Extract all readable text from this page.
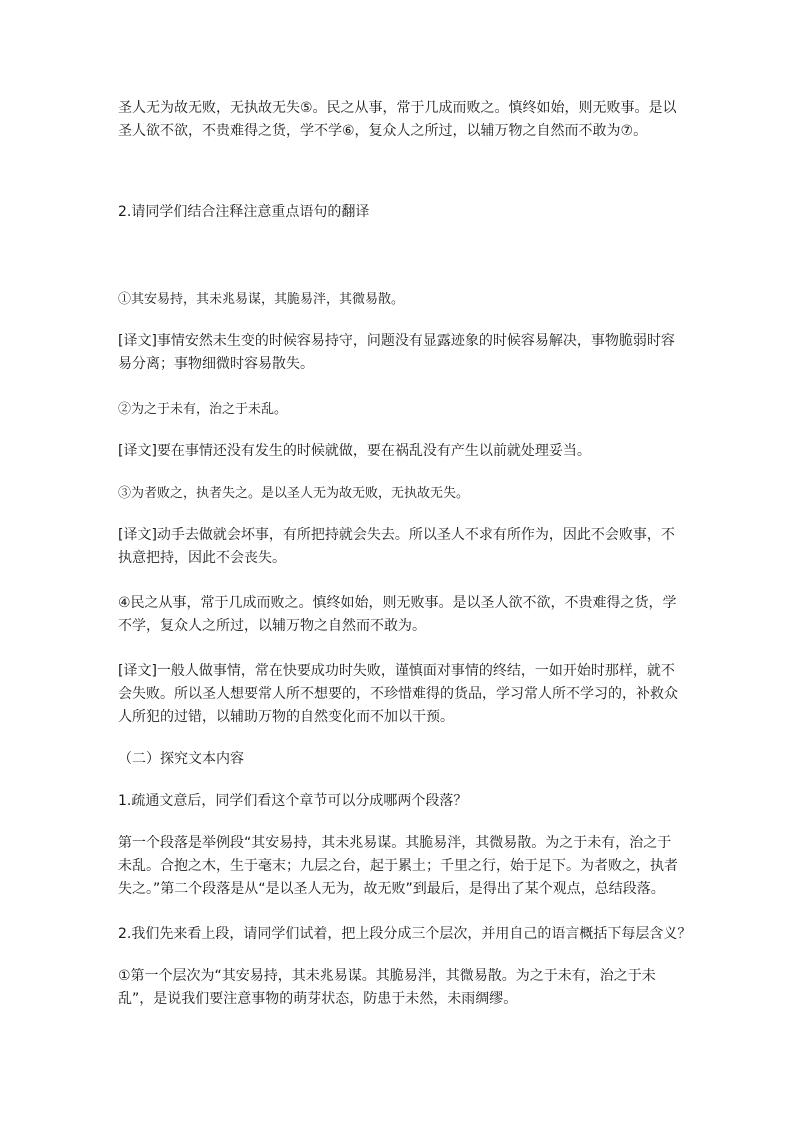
圣人无为故无败，无执故无失⑤。民之从事，常于几成而败之。慎终如始，则无败事。是以
圣人欲不欲，不贵难得之货，学不学⑥，复众人之所过，以辅万物之自然而不敢为⑦。

2.请同学们结合注释注意重点语句的翻译

①其安易持，其未兆易谋，其脆易泮，其微易散。

[译文]事情安然未生变的时候容易持守，问题没有显露迹象的时候容易解决，事物脆弱时容
易分离；事物细微时容易散失。

②为之于未有，治之于未乱。

[译文]要在事情还没有发生的时候就做，要在祸乱没有产生以前就处理妥当。

③为者败之，执者失之。是以圣人无为故无败，无执故无失。

[译文]动手去做就会坏事，有所把持就会失去。所以圣人不求有所作为，因此不会败事，不
执意把持，因此不会丧失。

④民之从事，常于几成而败之。慎终如始，则无败事。是以圣人欲不欲，不贵难得之货，学
不学，复众人之所过，以辅万物之自然而不敢为。

[译文]一般人做事情，常在快要成功时失败，谨慎面对事情的终结，一如开始时那样，就不
会失败。所以圣人想要常人所不想要的，不珍惜难得的货品，学习常人所不学习的，补救众
人所犯的过错，以辅助万物的自然变化而不加以干预。

（二）探究文本内容

1.疏通文意后，同学们看这个章节可以分成哪两个段落？

第一个段落是举例段“其安易持，其未兆易谋。其脆易泮，其微易散。为之于未有，治之于
未乱。合抱之木，生于毫末；九层之台，起于累土；千里之行，始于足下。为者败之，执者
失之。”第二个段落是从“是以圣人无为，故无败”到最后，是得出了某个观点，总结段落。

2.我们先来看上段，请同学们试着，把上段分成三个层次，并用自己的语言概括下每层含义？

①第一个层次为“其安易持，其未兆易谋。其脆易泮，其微易散。为之于未有，治之于未
乱”，是说我们要注意事物的萌芽状态，防患于未然，未雨绸缪。
